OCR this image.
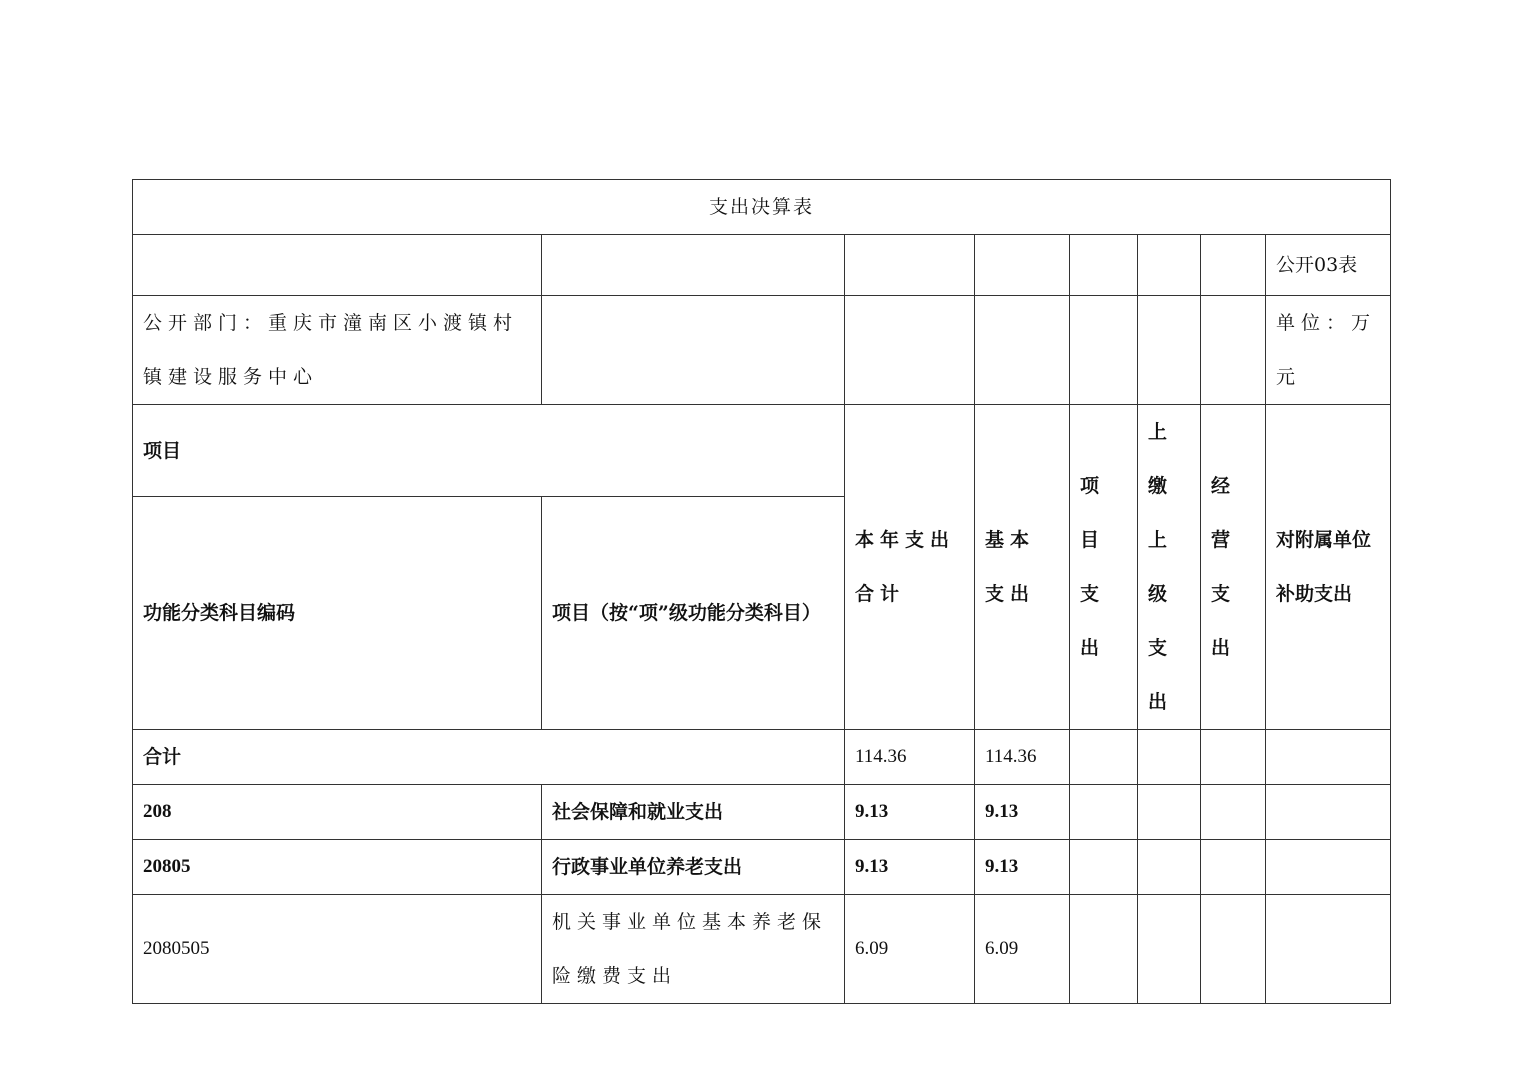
支出决算表							
							公开03表
公开部门：重庆市潼南区小渡镇村镇建设服务中心							单位：万元
项目		本年支出合计	基本支出	项目支出	上缴上级支出	经营支出	对附属单位补助支出
功能分类科目编码	项目（按“项”级功能分类科目）						
合计		114.36	114.36				
208	社会保障和就业支出	9.13	9.13				
20805	行政事业单位养老支出	9.13	9.13				
2080505	机关事业单位基本养老保险缴费支出	6.09	6.09				
